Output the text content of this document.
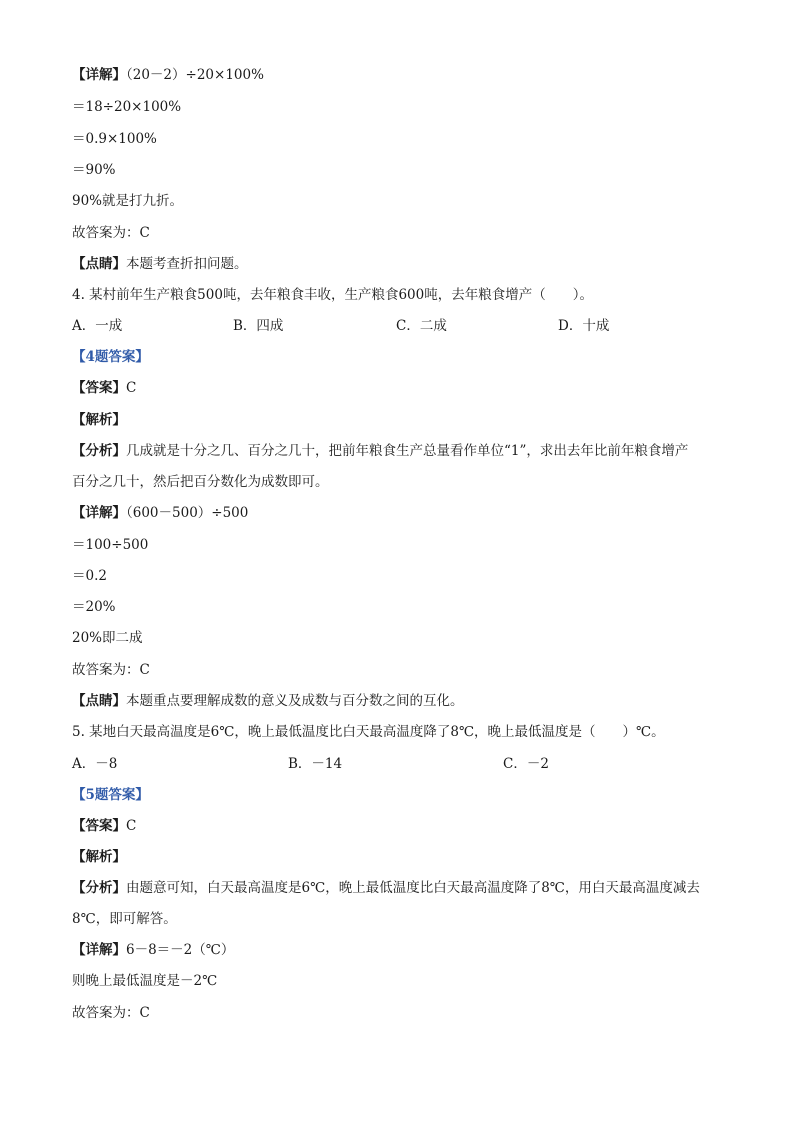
【详解】（20－2）÷20×100%
＝18÷20×100%
＝0.9×100%
＝90%
90%就是打九折。
故答案为：C
【点睛】本题考查折扣问题。
4. 某村前年生产粮食500吨，去年粮食丰收，生产粮食600吨，去年粮食增产（　　）。
A．一成	B．四成	C．二成	D．十成
【4题答案】
【答案】C
【解析】
【分析】几成就是十分之几、百分之几十，把前年粮食生产总量看作单位“1”，求出去年比前年粮食增产
百分之几十，然后把百分数化为成数即可。
【详解】（600－500）÷500
＝100÷500
＝0.2
＝20%
20%即二成
故答案为：C
【点睛】本题重点要理解成数的意义及成数与百分数之间的互化。
5. 某地白天最高温度是6℃，晚上最低温度比白天最高温度降了8℃，晚上最低温度是（　　）℃。
A．－8	B．－14	C．－2
【5题答案】
【答案】C
【解析】
【分析】由题意可知，白天最高温度是6℃，晚上最低温度比白天最高温度降了8℃，用白天最高温度减去
8℃，即可解答。
【详解】6－8＝－2（℃）
则晚上最低温度是－2℃
故答案为：C
